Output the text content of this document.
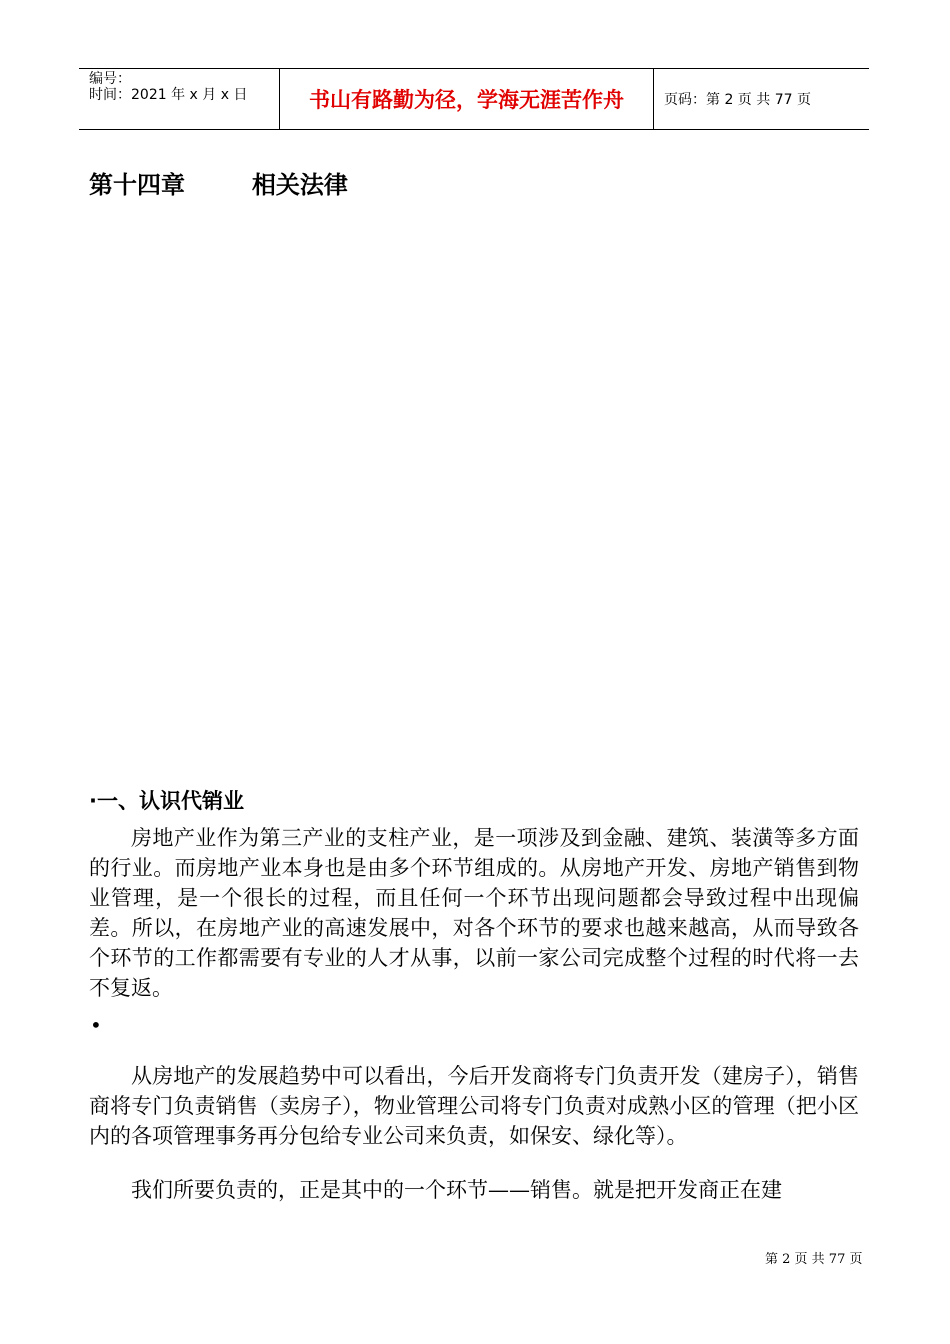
编号：
时间：2021 年 x 月 x 日	书山有路勤为径，学海无涯苦作舟	页码：第 2 页 共 77 页
第十四章        相关法律
·一、认识代销业

房地产业作为第三产业的支柱产业，是一项涉及到金融、建筑、装潢等多方面的行业。而房地产业本身也是由多个环节组成的。从房地产开发、房地产销售到物业管理，是一个很长的过程，而且任何一个环节出现问题都会导致过程中出现偏差。所以，在房地产业的高速发展中，对各个环节的要求也越来越高，从而导致各个环节的工作都需要有专业的人才从事，以前一家公司完成整个过程的时代将一去不复返。

•

从房地产的发展趋势中可以看出，今后开发商将专门负责开发（建房子），销售商将专门负责销售（卖房子），物业管理公司将专门负责对成熟小区的管理（把小区内的各项管理事务再分包给专业公司来负责，如保安、绿化等）。

我们所要负责的，正是其中的一个环节——销售。就是把开发商正在建

第 2 页 共 77 页
